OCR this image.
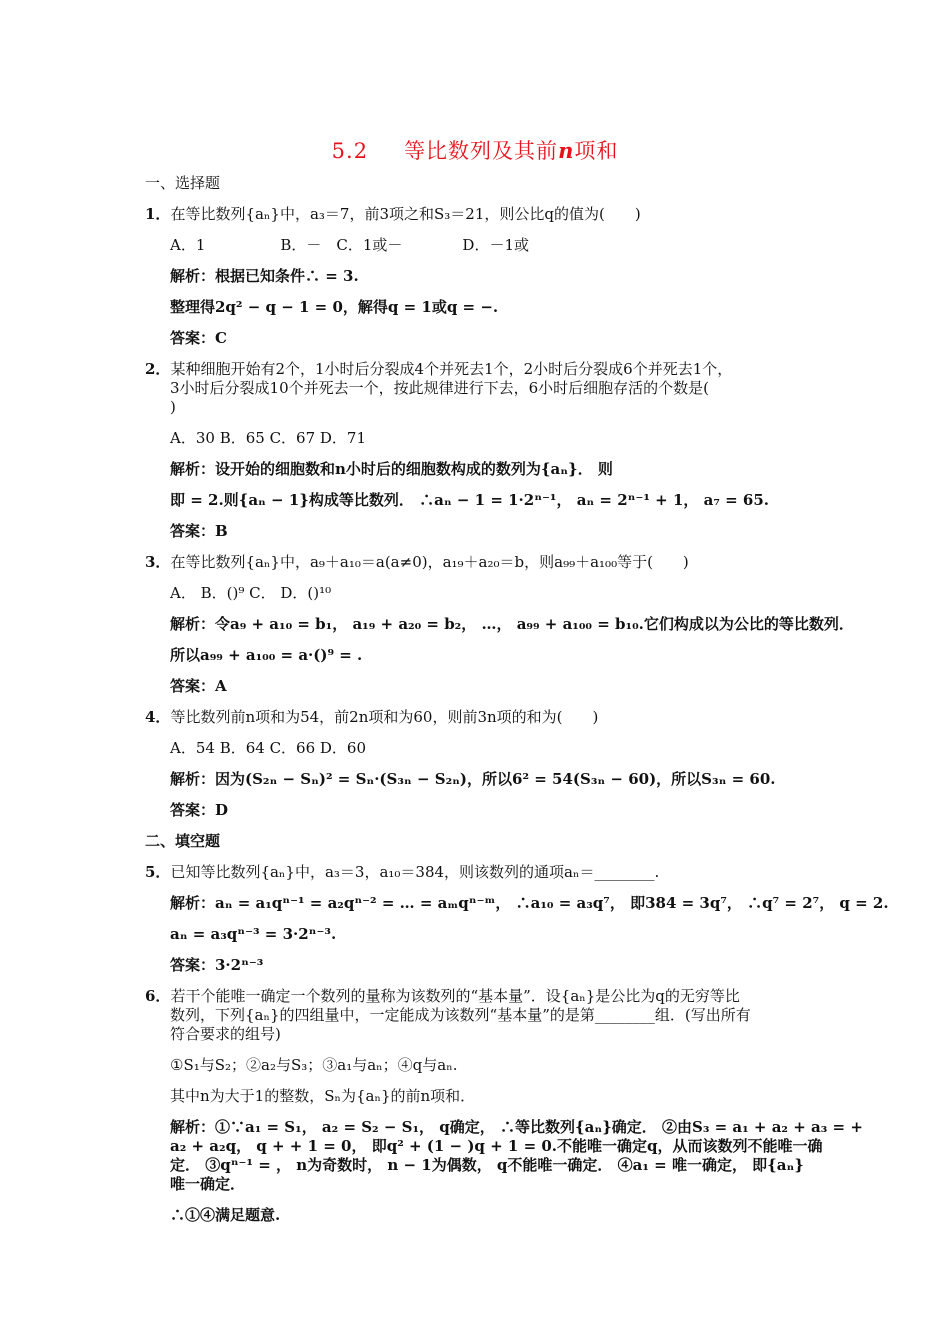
5.2 等比数列及其前n项和
一、选择题
1．在等比数列{aₙ}中，a₃＝7，前3项之和S₃＝21，则公比q的值为(　　)
A．1　　　　　B．－　C．1或－　　　　D．－1或
解析：根据已知条件∴ = 3.
整理得2q² − q − 1 = 0，解得q = 1或q = −.
答案：C
2．某种细胞开始有2个，1小时后分裂成4个并死去1个，2小时后分裂成6个并死去1个，
3小时后分裂成10个并死去一个，按此规律进行下去，6小时后细胞存活的个数是(
)
A．30 B．65 C．67 D．71
解析：设开始的细胞数和n小时后的细胞数构成的数列为{aₙ}． 则
即 = 2.则{aₙ − 1}构成等比数列． ∴aₙ − 1 = 1·2ⁿ⁻¹， aₙ = 2ⁿ⁻¹ + 1， a₇ = 65.
答案：B
3．在等比数列{aₙ}中，a₉＋a₁₀＝a(a≠0)，a₁₉＋a₂₀＝b，则a₉₉＋a₁₀₀等于(　　)
A． B．()⁹ C． D．()¹⁰
解析：令a₉ + a₁₀ = b₁， a₁₉ + a₂₀ = b₂， …， a₉₉ + a₁₀₀ = b₁₀.它们构成以为公比的等比数列．
所以a₉₉ + a₁₀₀ = a·()⁹ = .
答案：A
4．等比数列前n项和为54，前2n项和为60，则前3n项的和为(　　)
A．54 B．64 C．66 D．60
解析：因为(S₂ₙ − Sₙ)² = Sₙ·(S₃ₙ − S₂ₙ)，所以6² = 54(S₃ₙ − 60)，所以S₃ₙ = 60.
答案：D
二、填空题
5．已知等比数列{aₙ}中，a₃＝3，a₁₀＝384，则该数列的通项aₙ＝________.
解析：aₙ = a₁qⁿ⁻¹ = a₂qⁿ⁻² = … = aₘqⁿ⁻ᵐ， ∴a₁₀ = a₃q⁷， 即384 = 3q⁷， ∴q⁷ = 2⁷， q = 2.
aₙ = a₃qⁿ⁻³ = 3·2ⁿ⁻³.
答案：3·2ⁿ⁻³
6．若干个能唯一确定一个数列的量称为该数列的“基本量”．设{aₙ}是公比为q的无穷等比
数列，下列{aₙ}的四组量中，一定能成为该数列“基本量”的是第________组．(写出所有
符合要求的组号)
①S₁与S₂；②a₂与S₃；③a₁与aₙ；④q与aₙ.
其中n为大于1的整数，Sₙ为{aₙ}的前n项和．
解析：①∵a₁ = S₁， a₂ = S₂ − S₁， q确定， ∴等比数列{aₙ}确定． ②由S₃ = a₁ + a₂ + a₃ = +
a₂ + a₂q， q + + 1 = 0， 即q² + (1 − )q + 1 = 0.不能唯一确定q，从而该数列不能唯一确
定． ③qⁿ⁻¹ = ， n为奇数时， n − 1为偶数， q不能唯一确定． ④a₁ = 唯一确定， 即{aₙ}
唯一确定．
∴①④满足题意.
